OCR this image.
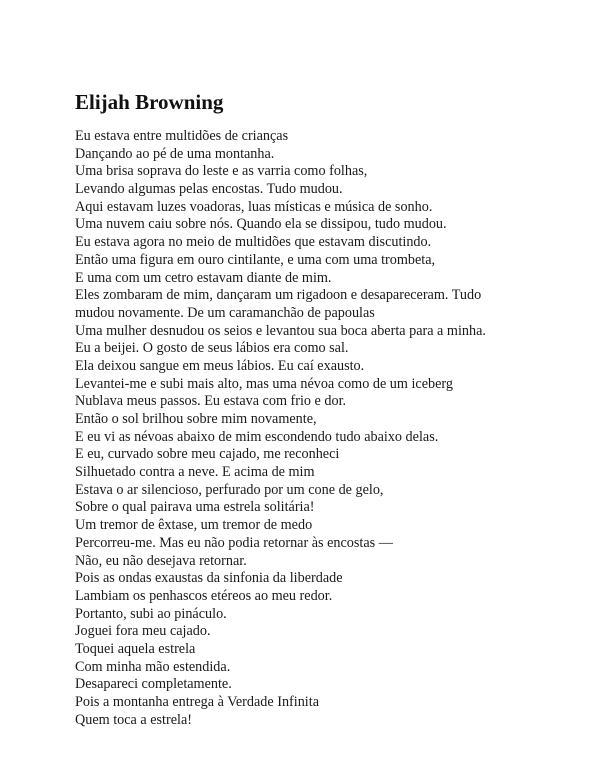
Elijah Browning
Eu estava entre multidões de crianças
Dançando ao pé de uma montanha.
Uma brisa soprava do leste e as varria como folhas,
Levando algumas pelas encostas. Tudo mudou.
Aqui estavam luzes voadoras, luas místicas e música de sonho.
Uma nuvem caiu sobre nós. Quando ela se dissipou, tudo mudou.
Eu estava agora no meio de multidões que estavam discutindo.
Então uma figura em ouro cintilante, e uma com uma trombeta,
E uma com um cetro estavam diante de mim.
Eles zombaram de mim, dançaram um rigadoon e desapareceram. Tudo
mudou novamente. De um caramanchão de papoulas
Uma mulher desnudou os seios e levantou sua boca aberta para a minha.
Eu a beijei. O gosto de seus lábios era como sal.
Ela deixou sangue em meus lábios. Eu caí exausto.
Levantei-me e subi mais alto, mas uma névoa como de um iceberg
Nublava meus passos. Eu estava com frio e dor.
Então o sol brilhou sobre mim novamente,
E eu vi as névoas abaixo de mim escondendo tudo abaixo delas.
E eu, curvado sobre meu cajado, me reconheci
Silhuetado contra a neve. E acima de mim
Estava o ar silencioso, perfurado por um cone de gelo,
Sobre o qual pairava uma estrela solitária!
Um tremor de êxtase, um tremor de medo
Percorreu-me. Mas eu não podia retornar às encostas —
Não, eu não desejava retornar.
Pois as ondas exaustas da sinfonia da liberdade
Lambiam os penhascos etéreos ao meu redor.
Portanto, subi ao pináculo.
Joguei fora meu cajado.
Toquei aquela estrela
Com minha mão estendida.
Desapareci completamente.
Pois a montanha entrega à Verdade Infinita
Quem toca a estrela!
